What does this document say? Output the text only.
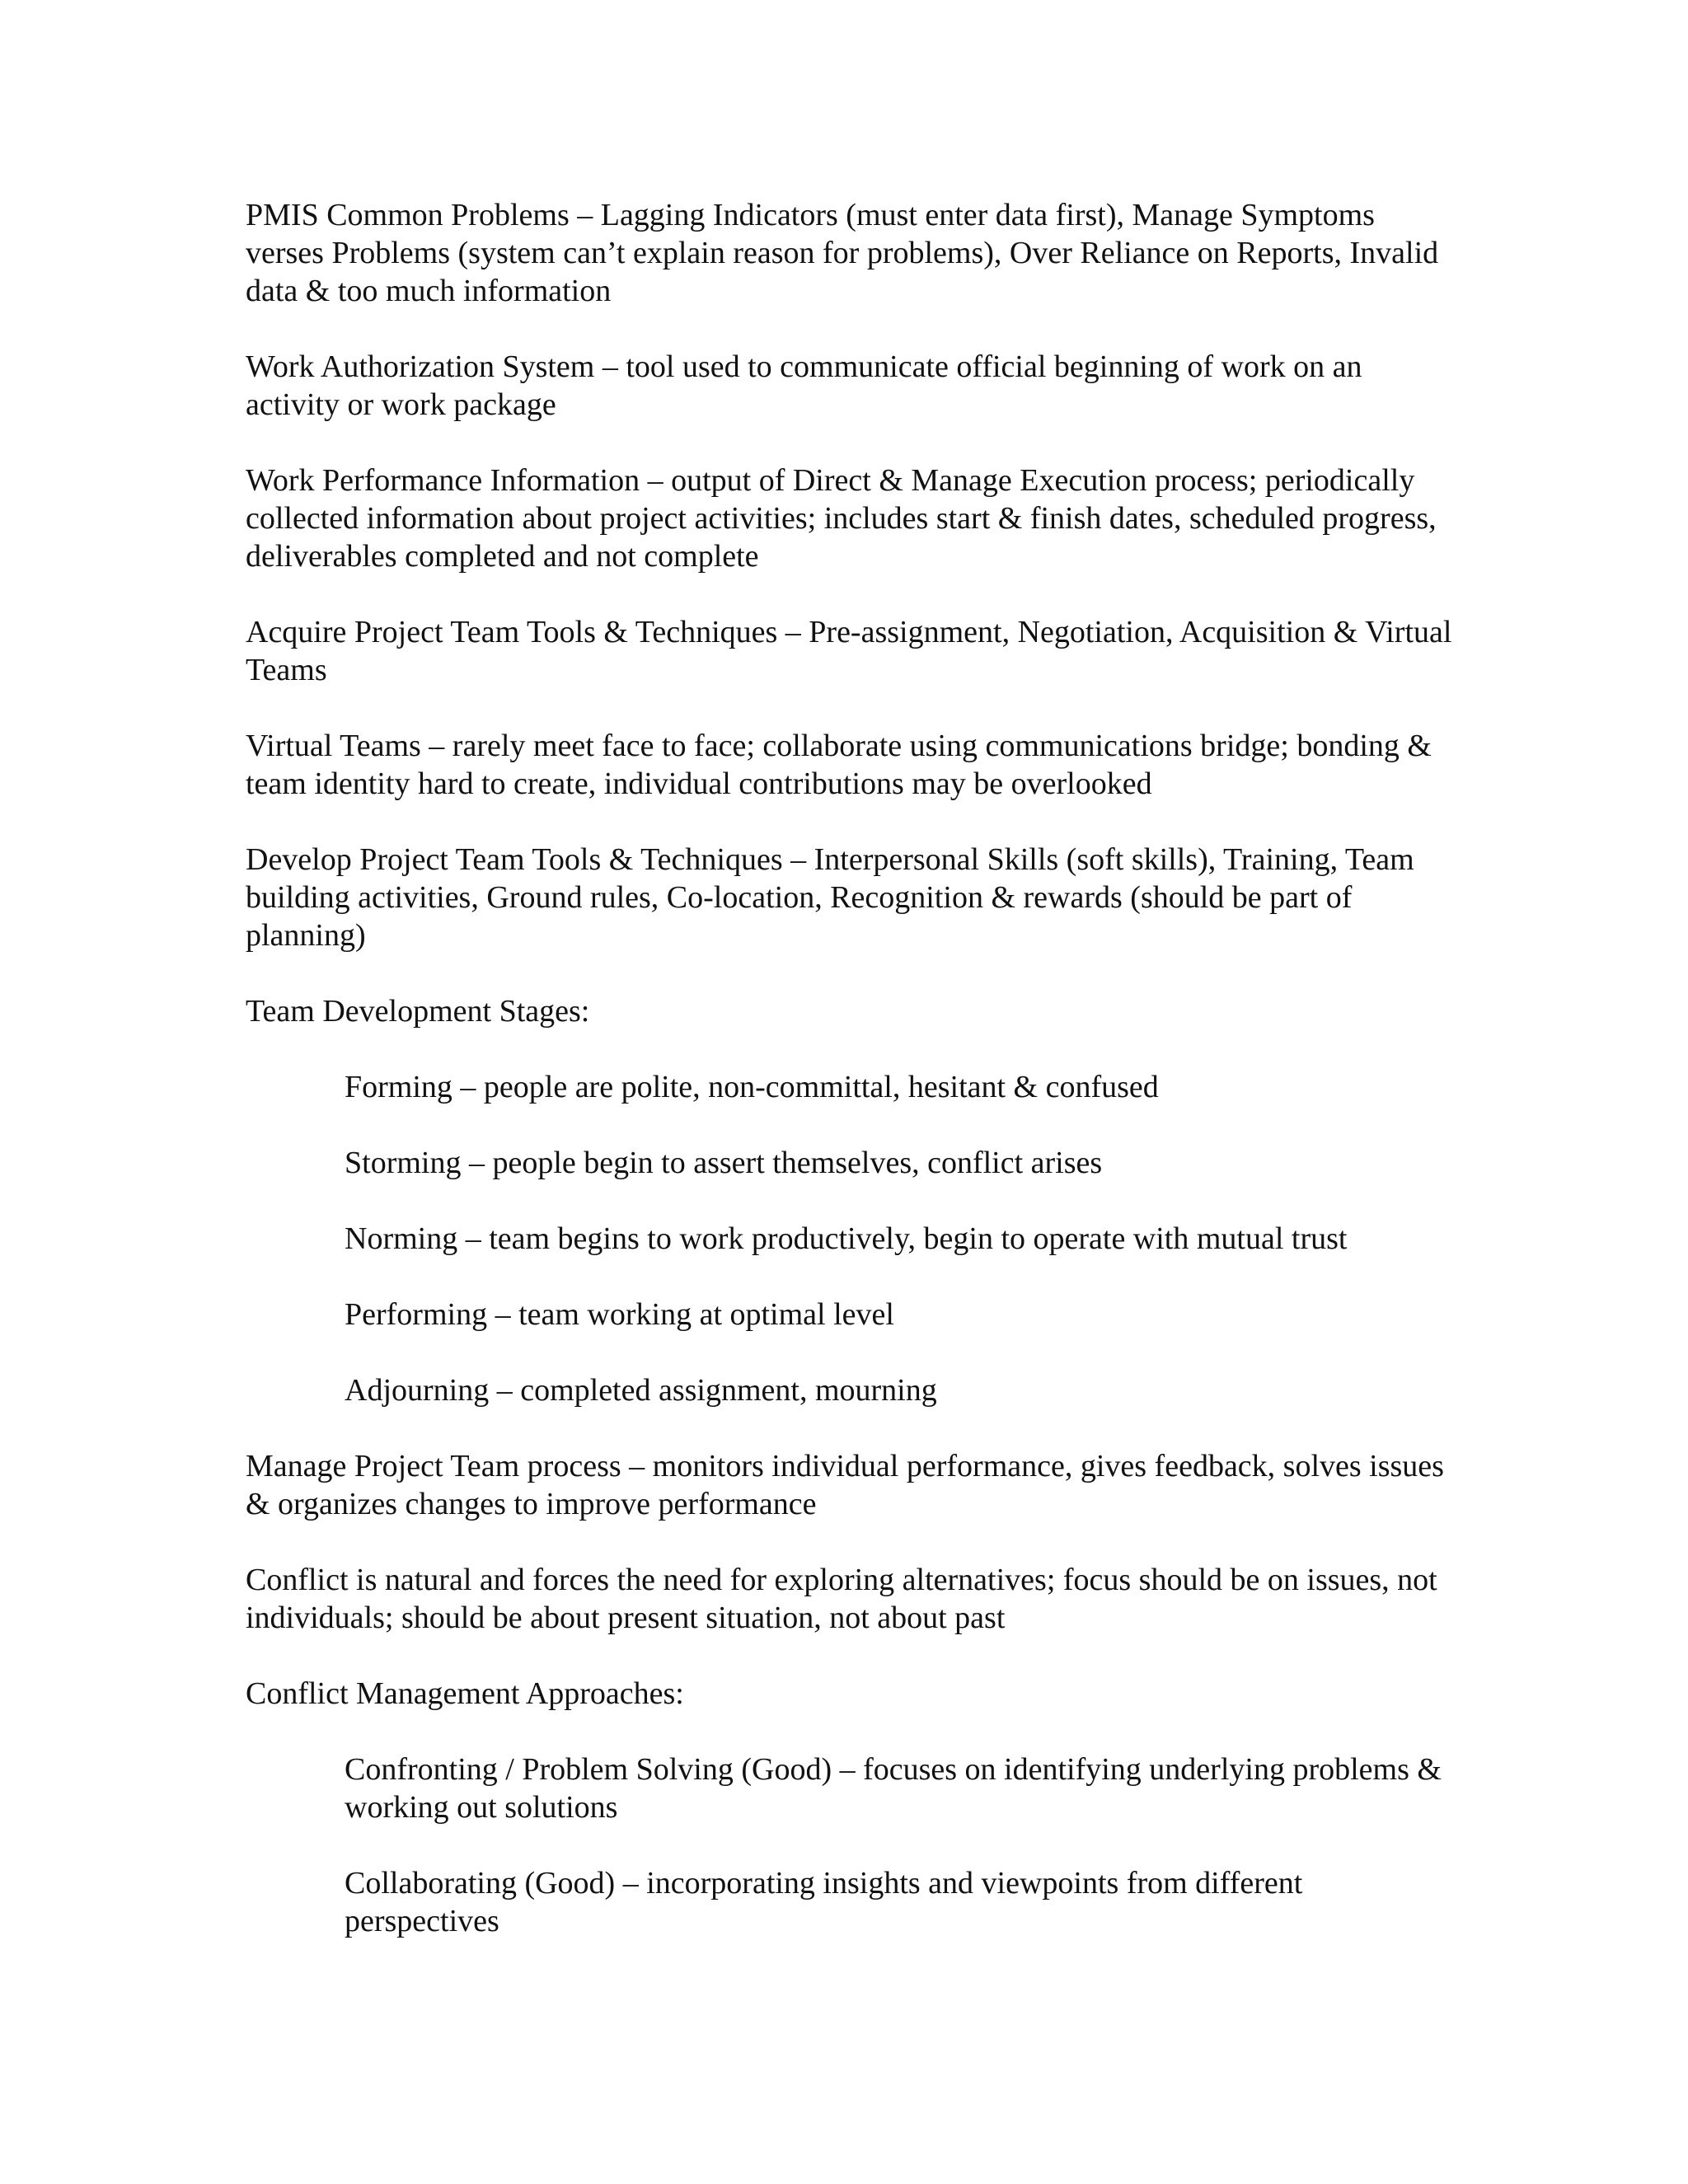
PMIS Common Problems – Lagging Indicators (must enter data first), Manage Symptoms verses Problems (system can’t explain reason for problems), Over Reliance on Reports, Invalid data & too much information

Work Authorization System – tool used to communicate official beginning of work on an activity or work package

Work Performance Information – output of Direct & Manage Execution process; periodically collected information about project activities; includes start & finish dates, scheduled progress, deliverables completed and not complete

Acquire Project Team Tools & Techniques – Pre-assignment, Negotiation, Acquisition & Virtual Teams

Virtual Teams – rarely meet face to face; collaborate using communications bridge; bonding & team identity hard to create, individual contributions may be overlooked

Develop Project Team Tools & Techniques – Interpersonal Skills (soft skills), Training, Team building activities, Ground rules, Co-location, Recognition & rewards (should be part of planning)

Team Development Stages:

Forming – people are polite, non-committal, hesitant & confused

Storming – people begin to assert themselves, conflict arises

Norming – team begins to work productively, begin to operate with mutual trust

Performing – team working at optimal level

Adjourning – completed assignment, mourning

Manage Project Team process – monitors individual performance, gives feedback, solves issues & organizes changes to improve performance

Conflict is natural and forces the need for exploring alternatives; focus should be on issues, not individuals; should be about present situation, not about past

Conflict Management Approaches:

Confronting / Problem Solving (Good) – focuses on identifying underlying problems & working out solutions

Collaborating (Good) – incorporating insights and viewpoints from different perspectives
